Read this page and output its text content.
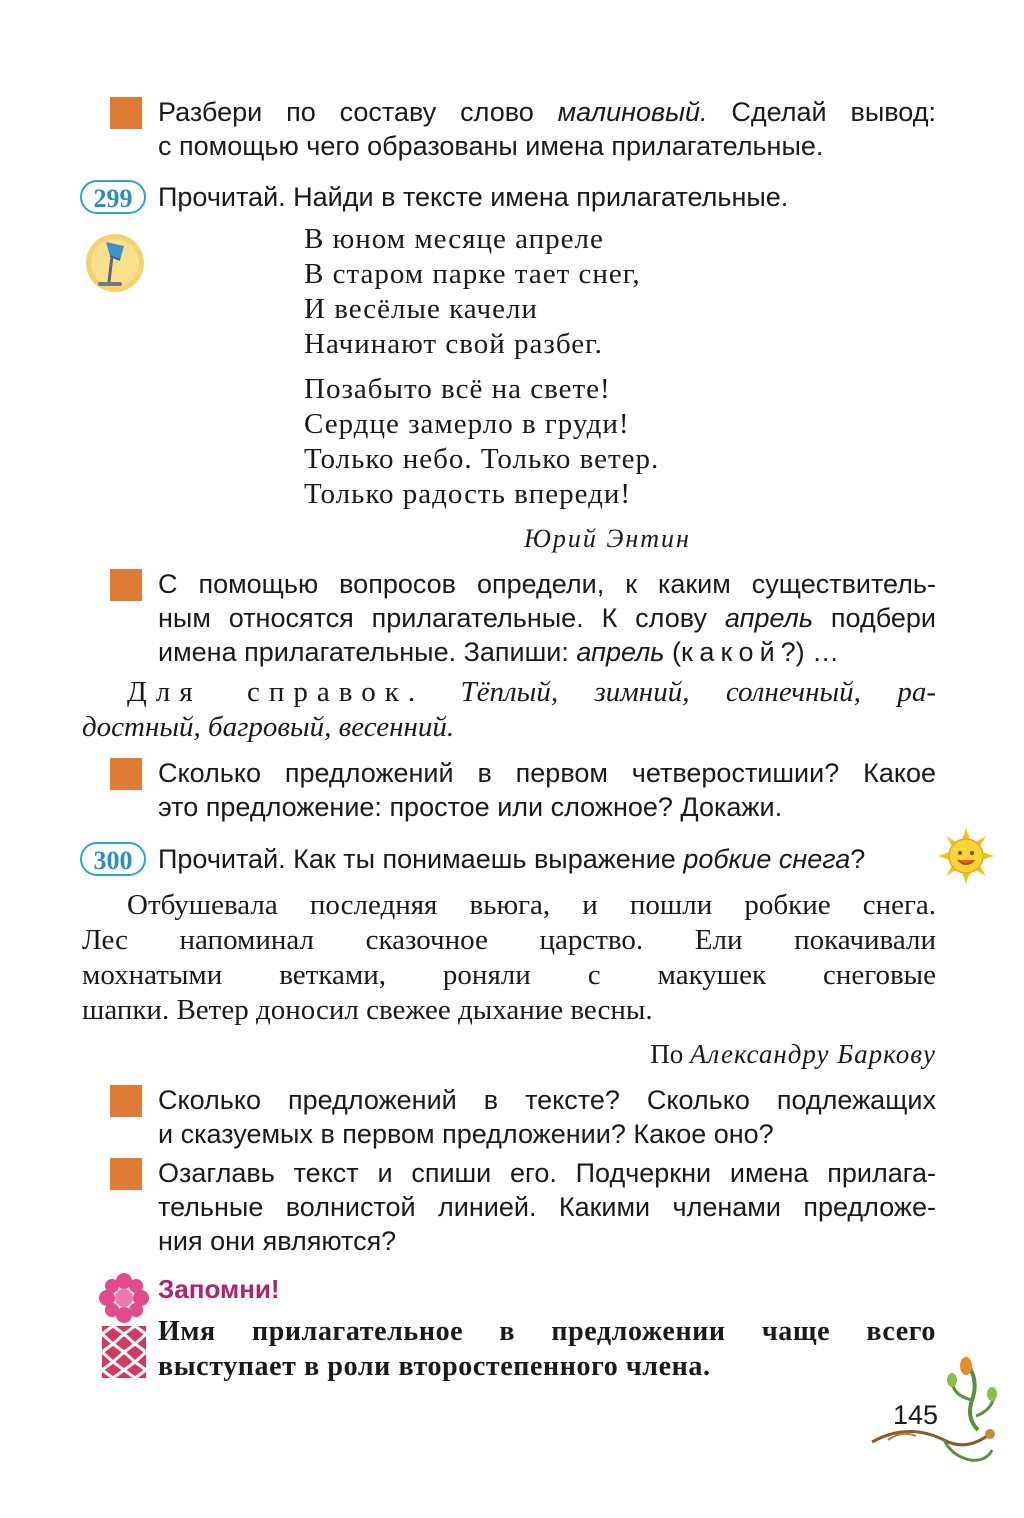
Разбери по составу слово малиновый. Сделай вывод:
с помощью чего образованы имена прилагательные.
299 Прочитай. Найди в тексте имена прилагательные.
В юном месяце апреле
В старом парке тает снег,
И весёлые качели
Начинают свой разбег.
Позабыто всё на свете!
Сердце замерло в груди!
Только небо. Только ветер.
Только радость впереди!
Юрий Энтин
С помощью вопросов определи, к каким существитель-
ным относятся прилагательные. К слову апрель подбери
имена прилагательные. Запиши: апрель (какой?) …
Для справок. Тёплый, зимний, солнечный, ра-
достный, багровый, весенний.
Сколько предложений в первом четверостишии? Какое
это предложение: простое или сложное? Докажи.
300 Прочитай. Как ты понимаешь выражение робкие снега?
Отбушевала последняя вьюга, и пошли робкие снега.
Лес напоминал сказочное царство. Ели покачивали
мохнатыми ветками, роняли с макушек снеговые
шапки. Ветер доносил свежее дыхание весны.
По Александру Баркову
Сколько предложений в тексте? Сколько подлежащих
и сказуемых в первом предложении? Какое оно?
Озаглавь текст и спиши его. Подчеркни имена прилага-
тельные волнистой линией. Какими членами предложе-
ния они являются?
Запомни!
Имя прилагательное в предложении чаще всего
выступает в роли второстепенного члена.
145
